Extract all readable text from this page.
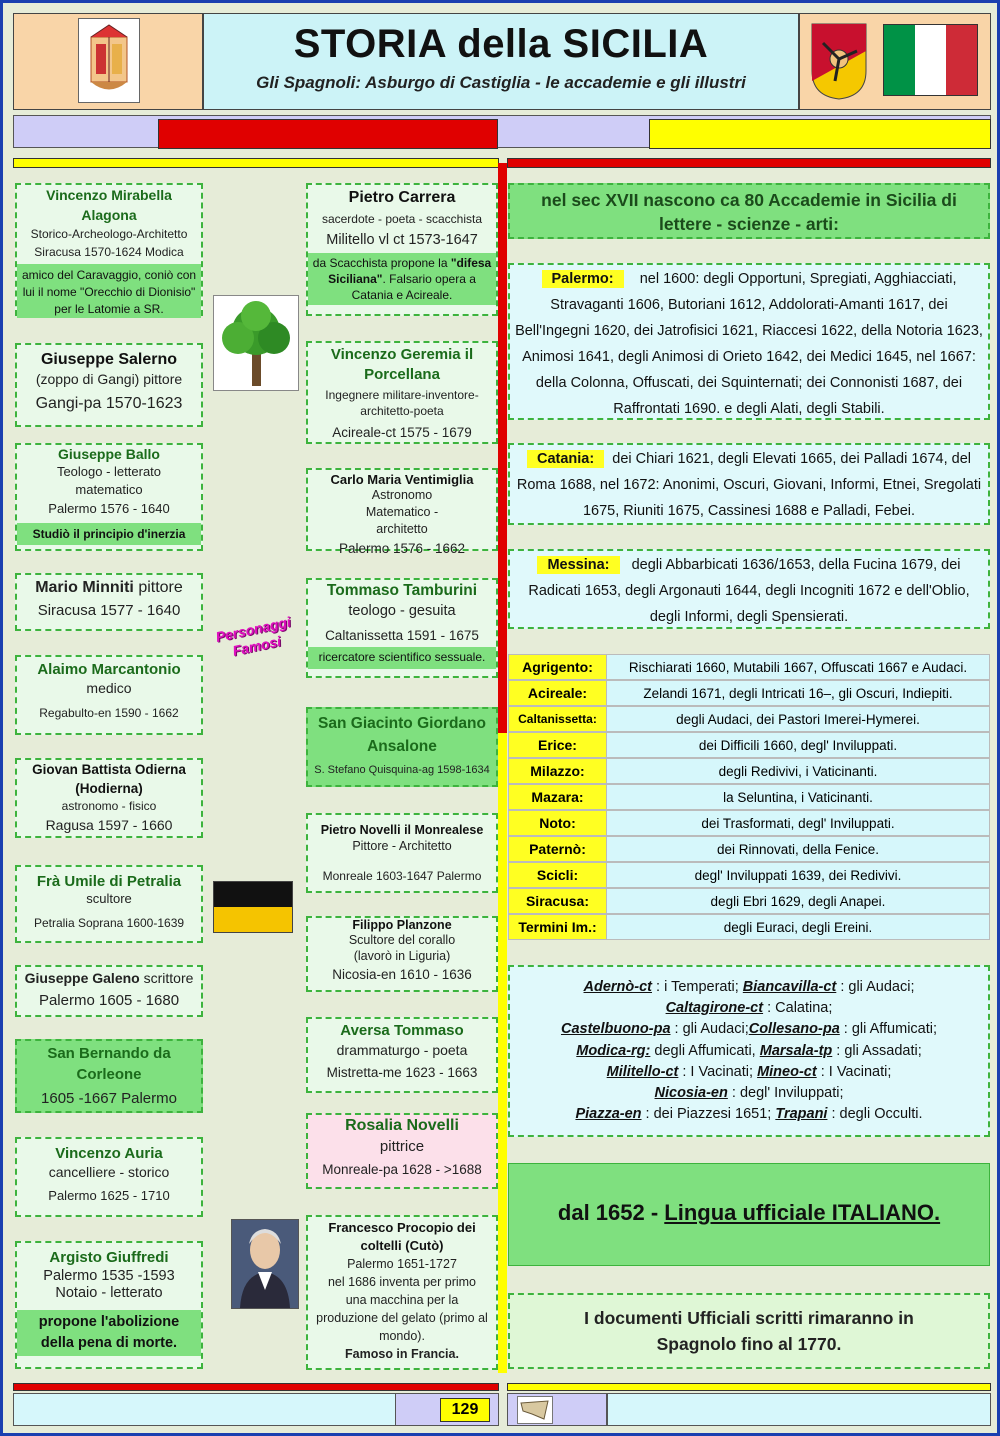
STORIA della SICILIA
Gli Spagnoli: Asburgo di Castiglia - le accademie e gli illustri
Vincenzo Mirabella Alagona
Storico-Archeologo-Architetto
Siracusa 1570-1624 Modica
amico del Caravaggio, coniò con lui il nome "Orecchio di Dionisio" per le Latomie a SR.
Giuseppe Salerno
(zoppo di Gangi) pittore
Gangi-pa 1570-1623
Giuseppe Ballo
Teologo - letterato matematico
Palermo 1576 - 1640
Studiò il principio d'inerzia
Mario Minniti pittore
Siracusa 1577 - 1640
Alaimo Marcantonio
medico
Regabulto-en 1590 - 1662
Giovan Battista Odierna (Hodierna)
astronomo - fisico
Ragusa 1597 - 1660
Frà Umile di Petralia
scultore
Petralia Soprana 1600-1639
Giuseppe Galeno scrittore
Palermo 1605 - 1680
San Bernando da Corleone
1605 -1667 Palermo
Vincenzo Auria
cancelliere - storico
Palermo 1625 - 1710
Argisto Giuffredi
Palermo 1535 -1593
Notaio - letterato
propone l'abolizione della pena di morte.
Personaggi Famosi
Pietro Carrera
sacerdote - poeta - scacchista
Militello vl ct 1573-1647
da Scacchista propone la "difesa Siciliana". Falsario opera a Catania e Acireale.
Vincenzo Geremia il Porcellana
Ingegnere militare-inventore-architetto-poeta
Acireale-ct 1575 - 1679
Carlo Maria Ventimiglia
Astronomo Matematico - architetto
Palermo 1576 - 1662
Tommaso Tamburini
teologo - gesuita
Caltanissetta 1591 - 1675
ricercatore scientifico sessuale.
San Giacinto Giordano Ansalone
S. Stefano Quisquina-ag 1598-1634
Pietro Novelli il Monrealese
Pittore - Architetto
Monreale 1603-1647 Palermo
Filippo Planzone
Scultore del corallo (lavorò in Liguria)
Nicosia-en 1610 - 1636
Aversa Tommaso
drammaturgo - poeta
Mistretta-me 1623 - 1663
Rosalia Novelli
pittrice
Monreale-pa 1628 - >1688
Francesco Procopio dei coltelli (Cutò)
Palermo 1651-1727
nel 1686 inventa per primo una macchina per la produzione del gelato (primo al mondo).
Famoso in Francia.
nel sec XVII nascono ca 80 Accademie in Sicilia di lettere - scienze - arti:
Palermo: nel 1600: degli Opportuni, Spregiati, Agghiacciati, Stravaganti 1606, Butoriani 1612, Addolorati-Amanti 1617, dei Bell'Ingegni 1620, dei Jatrofisici 1621, Riaccesi 1622, della Notoria 1623, Animosi 1641, degli Animosi di Orieto 1642, dei Medici 1645, nel 1667: della Colonna, Offuscati, dei Squinternati; dei Connonisti 1687, dei Raffrontati 1690. e degli Alati, degli Stabili.
Catania: dei Chiari 1621, degli Elevati 1665, dei Palladi 1674, del Roma 1688, nel 1672: Anonimi, Oscuri, Giovani, Informi, Etnei, Sregolati 1675, Riuniti 1675, Cassinesi 1688 e Palladi, Febei.
Messina: degli Abbarbicati 1636/1653, della Fucina 1679, dei Radicati 1653, degli Argonauti 1644, degli Incogniti 1672 e dell'Oblio, degli Informi, degli Spensierati.
Agrigento:	Rischiarati 1660, Mutabili 1667, Offuscati 1667 e Audaci.
Acireale:	Zelandi 1671, degli Intricati 16–, gli Oscuri, Indiepiti.
Caltanissetta:	degli Audaci, dei Pastori Imerei-Hymerei.
Erice:	dei Difficili 1660, degl' Inviluppati.
Milazzo:	degli Redivivi, i Vaticinanti.
Mazara:	la Seluntina, i Vaticinanti.
Noto:	dei Trasformati, degl' Inviluppati.
Paternò:	dei Rinnovati, della Fenice.
Scicli:	degl' Inviluppati 1639, dei Redivivi.
Siracusa:	degli Ebri 1629, degli Anapei.
Termini Im.:	degli Euraci, degli Ereini.
Adernò-ct : i Temperati; Biancavilla-ct : gli Audaci;
Caltagirone-ct : Calatina;
Castelbuono-pa : gli Audaci;Collesano-pa : gli Affumicati;
Modica-rg: degli Affumicati, Marsala-tp : gli Assadati;
Militello-ct : I Vacinati; Mineo-ct : I Vacinati;
Nicosia-en : degl' Inviluppati;
Piazza-en : dei Piazzesi 1651; Trapani : degli Occulti.
dal 1652 - Lingua ufficiale ITALIANO.
I documenti Ufficiali scritti rimaranno in Spagnolo fino al 1770.
129
